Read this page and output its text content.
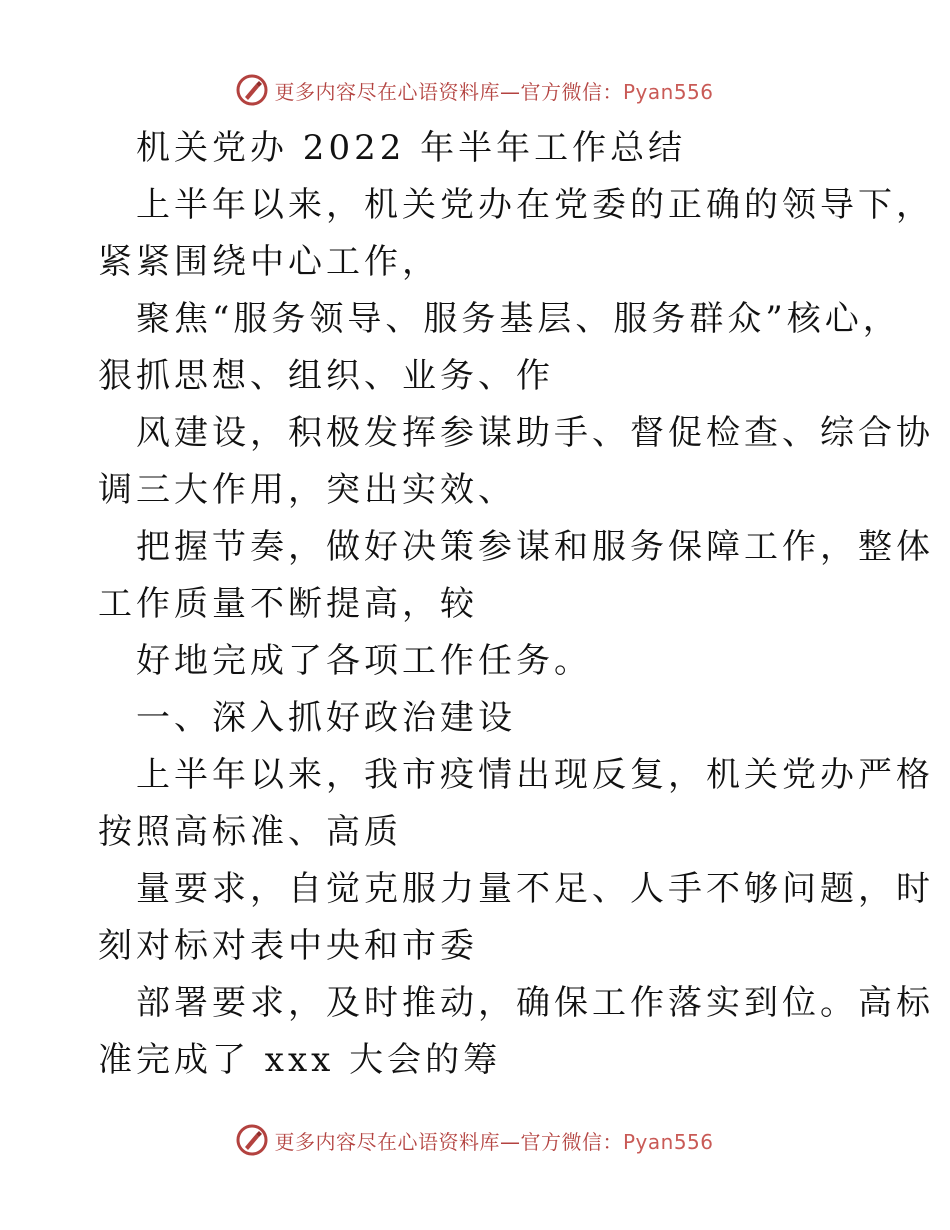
更多内容尽在心语资料库—官方微信：Pyan556
机关党办 2022 年半年工作总结
上半年以来，机关党办在党委的正确的领导下，
紧紧围绕中心工作，
聚焦“服务领导、服务基层、服务群众”核心，
狠抓思想、组织、业务、作
风建设，积极发挥参谋助手、督促检查、综合协
调三大作用，突出实效、
把握节奏，做好决策参谋和服务保障工作，整体
工作质量不断提高，较
好地完成了各项工作任务。
一、深入抓好政治建设
上半年以来，我市疫情出现反复，机关党办严格
按照高标准、高质
量要求，自觉克服力量不足、人手不够问题，时
刻对标对表中央和市委
部署要求，及时推动，确保工作落实到位。高标
准完成了 xxx 大会的筹
更多内容尽在心语资料库—官方微信：Pyan556
